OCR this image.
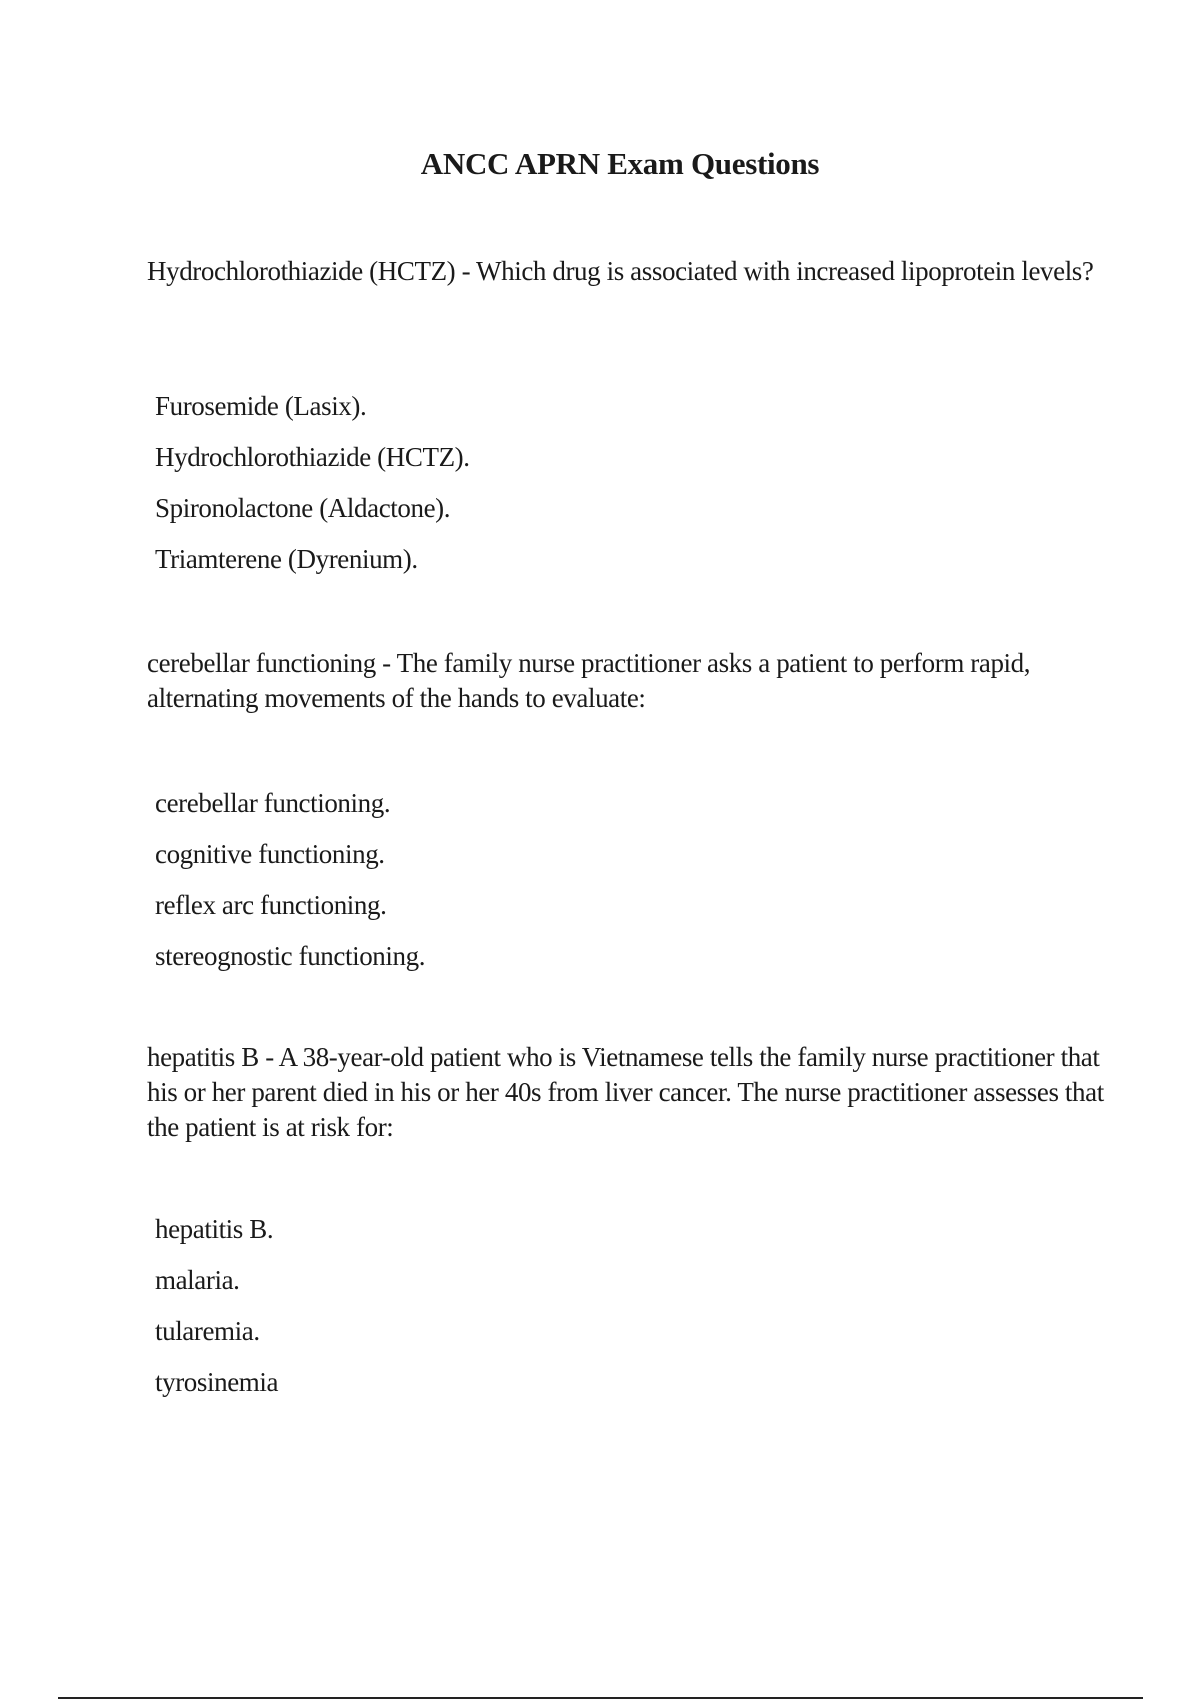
ANCC APRN Exam Questions

Hydrochlorothiazide (HCTZ) - Which drug is associated with increased lipoprotein levels?

Furosemide (Lasix).
Hydrochlorothiazide (HCTZ).
Spironolactone (Aldactone).
Triamterene (Dyrenium).

cerebellar functioning - The family nurse practitioner asks a patient to perform rapid, alternating movements of the hands to evaluate:

cerebellar functioning.
cognitive functioning.
reflex arc functioning.
stereognostic functioning.

hepatitis B - A 38-year-old patient who is Vietnamese tells the family nurse practitioner that his or her parent died in his or her 40s from liver cancer. The nurse practitioner assesses that the patient is at risk for:

hepatitis B.
malaria.
tularemia.
tyrosinemia
